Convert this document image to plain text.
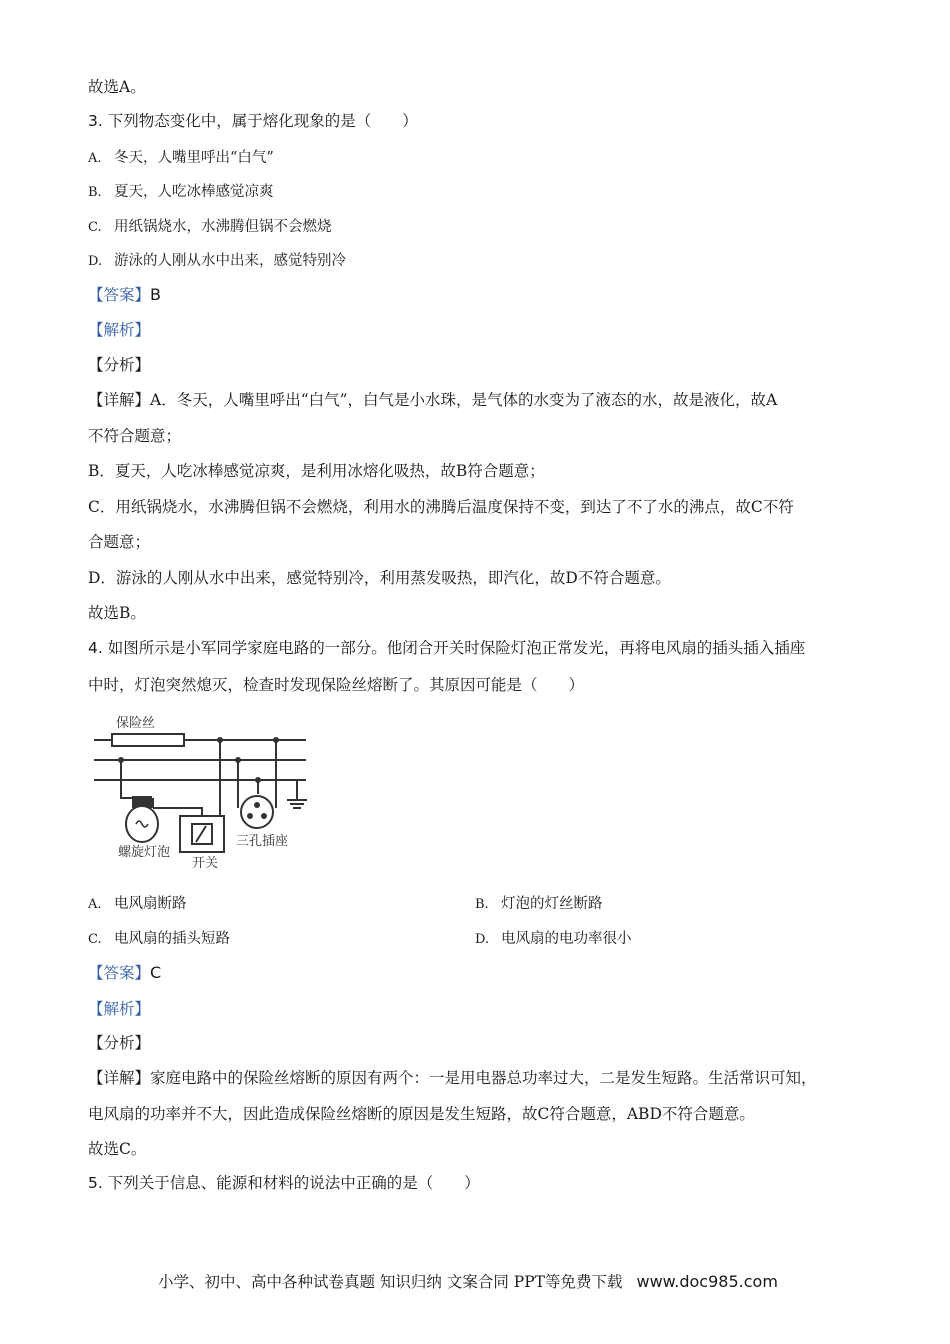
故选A。
3. 下列物态变化中，属于熔化现象的是（　　）
A. 冬天，人嘴里呼出“白气”
B. 夏天，人吃冰棒感觉凉爽
C. 用纸锅烧水，水沸腾但锅不会燃烧
D. 游泳的人刚从水中出来，感觉特别冷
【答案】B
【解析】
【分析】
【详解】A．冬天，人嘴里呼出“白气”，白气是小水珠，是气体的水变为了液态的水，故是液化，故A
不符合题意；
B．夏天，人吃冰棒感觉凉爽，是利用冰熔化吸热，故B符合题意；
C．用纸锅烧水，水沸腾但锅不会燃烧，利用水的沸腾后温度保持不变，到达了不了水的沸点，故C不符
合题意；
D．游泳的人刚从水中出来，感觉特别冷，利用蒸发吸热，即汽化，故D不符合题意。
故选B。
4. 如图所示是小军同学家庭电路的一部分。他闭合开关时保险灯泡正常发光，再将电风扇的插头插入插座
中时，灯泡突然熄灭，检查时发现保险丝熔断了。其原因可能是（　　）
保险丝
螺旋灯泡
开关
三孔插座
A. 电风扇断路	B. 灯泡的灯丝断路
C. 电风扇的插头短路	D. 电风扇的电功率很小
【答案】C
【解析】
【分析】
【详解】家庭电路中的保险丝熔断的原因有两个：一是用电器总功率过大，二是发生短路。生活常识可知，
电风扇的功率并不大，因此造成保险丝熔断的原因是发生短路，故C符合题意，ABD不符合题意。
故选C。
5. 下列关于信息、能源和材料的说法中正确的是（　　）
小学、初中、高中各种试卷真题 知识归纳 文案合同 PPT等免费下载 www.doc985.com
